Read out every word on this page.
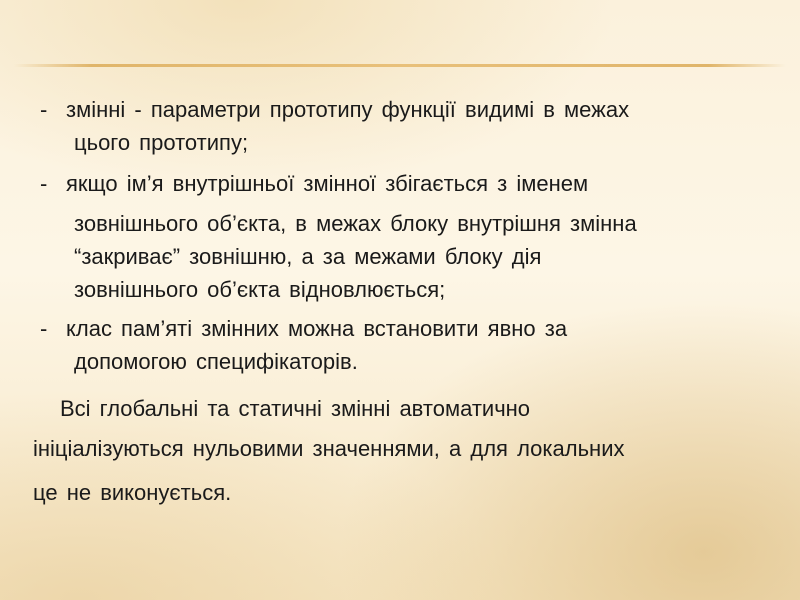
- змінні - параметри прототипу функції видимі в межах
цього прототипу;
- якщо ім’я внутрішньої змінної збігається з іменем
зовнішнього об’єкта, в межах блоку внутрішня змінна
“закриває” зовнішню, а за межами блоку дія
зовнішнього об’єкта відновлюється;
- клас пам’яті змінних можна встановити явно за
допомогою специфікаторів.
Всі глобальні та статичні змінні автоматично
ініціалізуються нульовими значеннями, а для локальних
це не виконується.
